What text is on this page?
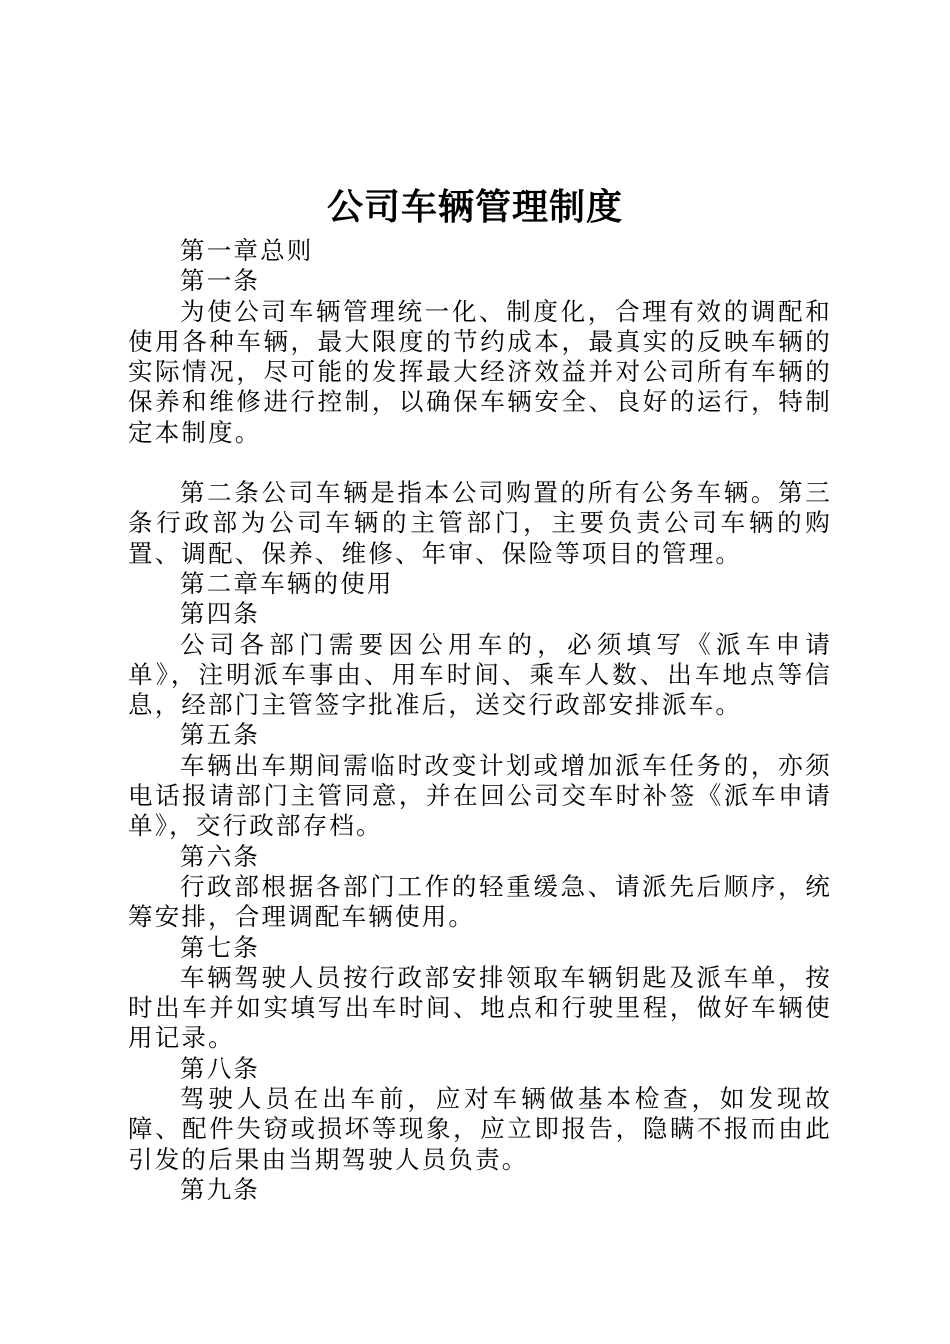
公司车辆管理制度

第一章总则

第一条

为使公司车辆管理统一化、制度化，合理有效的调配和使用各种车辆，最大限度的节约成本，最真实的反映车辆的实际情况，尽可能的发挥最大经济效益并对公司所有车辆的保养和维修进行控制，以确保车辆安全、良好的运行，特制定本制度。

第二条公司车辆是指本公司购置的所有公务车辆。第三条行政部为公司车辆的主管部门，主要负责公司车辆的购置、调配、保养、维修、年审、保险等项目的管理。

第二章车辆的使用

第四条

公司各部门需要因公用车的，必须填写《派车申请单》，注明派车事由、用车时间、乘车人数、出车地点等信息，经部门主管签字批准后，送交行政部安排派车。

第五条

车辆出车期间需临时改变计划或增加派车任务的，亦须电话报请部门主管同意，并在回公司交车时补签《派车申请单》，交行政部存档。

第六条

行政部根据各部门工作的轻重缓急、请派先后顺序，统筹安排，合理调配车辆使用。

第七条

车辆驾驶人员按行政部安排领取车辆钥匙及派车单，按时出车并如实填写出车时间、地点和行驶里程，做好车辆使用记录。

第八条

驾驶人员在出车前，应对车辆做基本检查，如发现故障、配件失窃或损坏等现象，应立即报告，隐瞒不报而由此引发的后果由当期驾驶人员负责。

第九条
